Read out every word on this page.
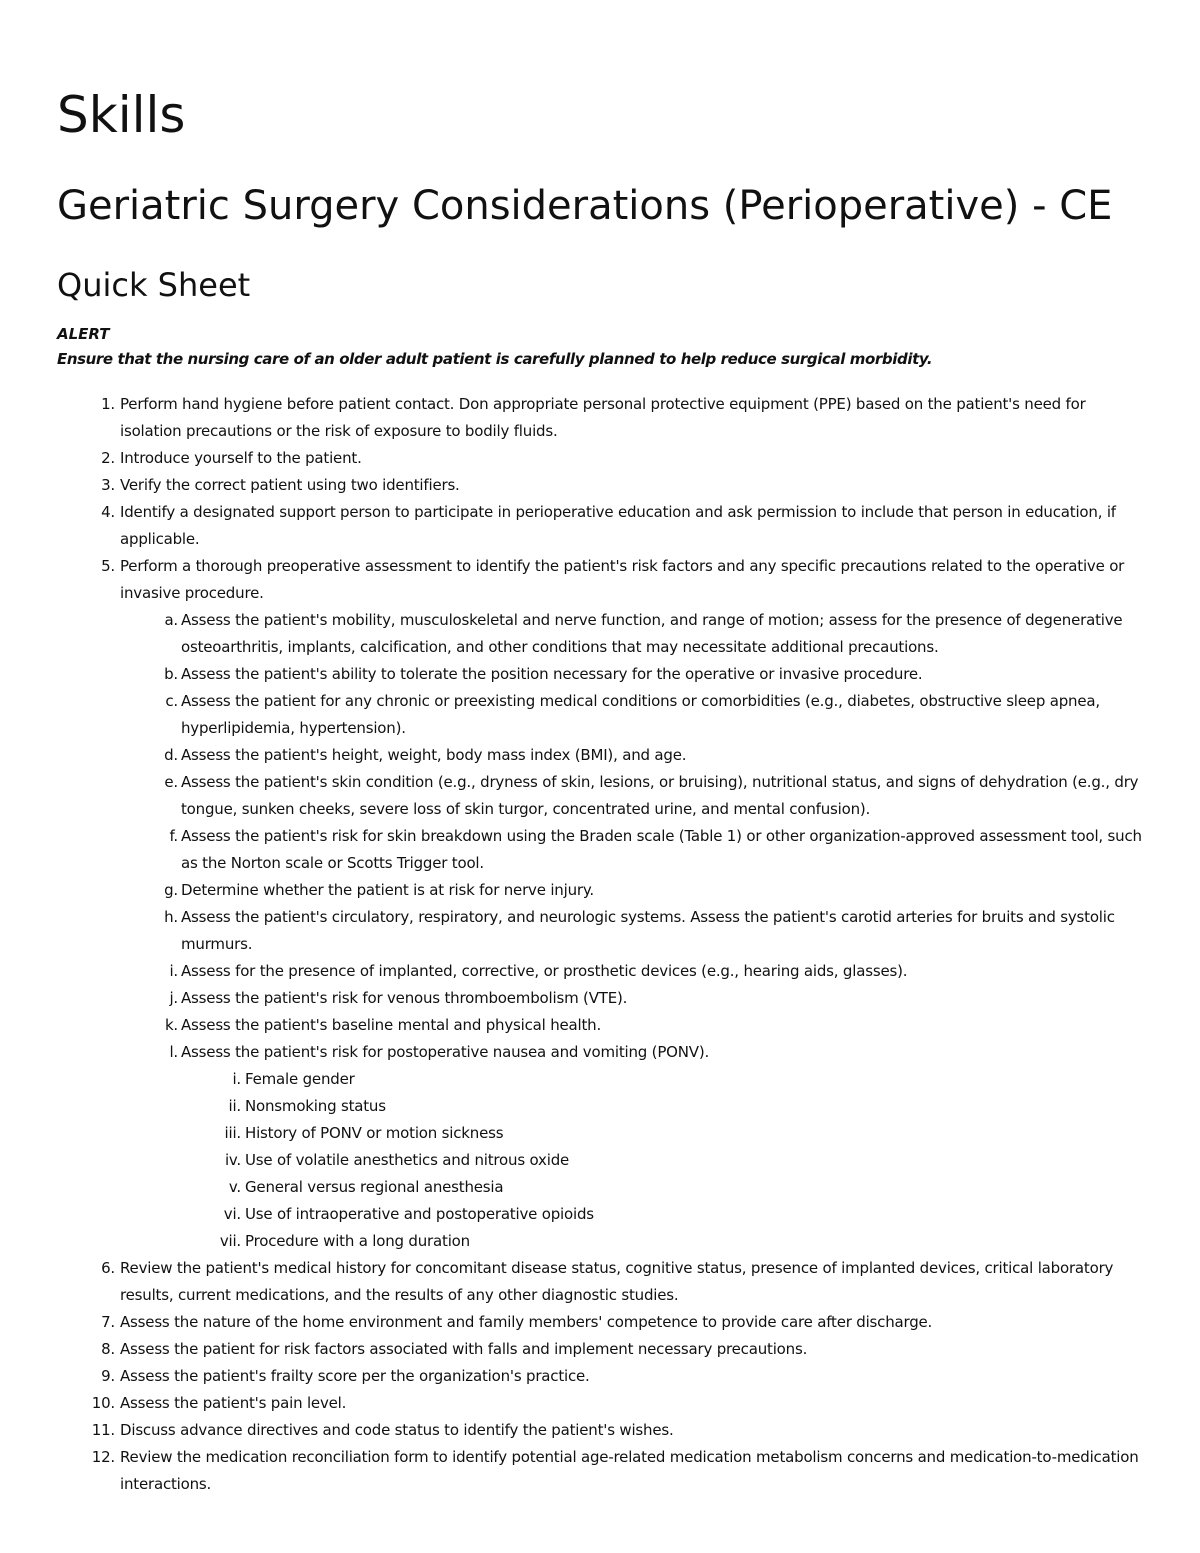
Skills
Geriatric Surgery Considerations (Perioperative) - CE
Quick Sheet
ALERT
Ensure that the nursing care of an older adult patient is carefully planned to help reduce surgical morbidity.
1. Perform hand hygiene before patient contact. Don appropriate personal protective equipment (PPE) based on the patient's need for isolation precautions or the risk of exposure to bodily fluids.
2. Introduce yourself to the patient.
3. Verify the correct patient using two identifiers.
4. Identify a designated support person to participate in perioperative education and ask permission to include that person in education, if applicable.
5. Perform a thorough preoperative assessment to identify the patient's risk factors and any specific precautions related to the operative or invasive procedure.
a. Assess the patient's mobility, musculoskeletal and nerve function, and range of motion; assess for the presence of degenerative osteoarthritis, implants, calcification, and other conditions that may necessitate additional precautions.
b. Assess the patient's ability to tolerate the position necessary for the operative or invasive procedure.
c. Assess the patient for any chronic or preexisting medical conditions or comorbidities (e.g., diabetes, obstructive sleep apnea, hyperlipidemia, hypertension).
d. Assess the patient's height, weight, body mass index (BMI), and age.
e. Assess the patient's skin condition (e.g., dryness of skin, lesions, or bruising), nutritional status, and signs of dehydration (e.g., dry tongue, sunken cheeks, severe loss of skin turgor, concentrated urine, and mental confusion).
f. Assess the patient's risk for skin breakdown using the Braden scale (Table 1) or other organization-approved assessment tool, such as the Norton scale or Scotts Trigger tool.
g. Determine whether the patient is at risk for nerve injury.
h. Assess the patient's circulatory, respiratory, and neurologic systems. Assess the patient's carotid arteries for bruits and systolic murmurs.
i. Assess for the presence of implanted, corrective, or prosthetic devices (e.g., hearing aids, glasses).
j. Assess the patient's risk for venous thromboembolism (VTE).
k. Assess the patient's baseline mental and physical health.
l. Assess the patient's risk for postoperative nausea and vomiting (PONV).
i. Female gender
ii. Nonsmoking status
iii. History of PONV or motion sickness
iv. Use of volatile anesthetics and nitrous oxide
v. General versus regional anesthesia
vi. Use of intraoperative and postoperative opioids
vii. Procedure with a long duration
6. Review the patient's medical history for concomitant disease status, cognitive status, presence of implanted devices, critical laboratory results, current medications, and the results of any other diagnostic studies.
7. Assess the nature of the home environment and family members' competence to provide care after discharge.
8. Assess the patient for risk factors associated with falls and implement necessary precautions.
9. Assess the patient's frailty score per the organization's practice.
10. Assess the patient's pain level.
11. Discuss advance directives and code status to identify the patient's wishes.
12. Review the medication reconciliation form to identify potential age-related medication metabolism concerns and medication-to-medication interactions.
